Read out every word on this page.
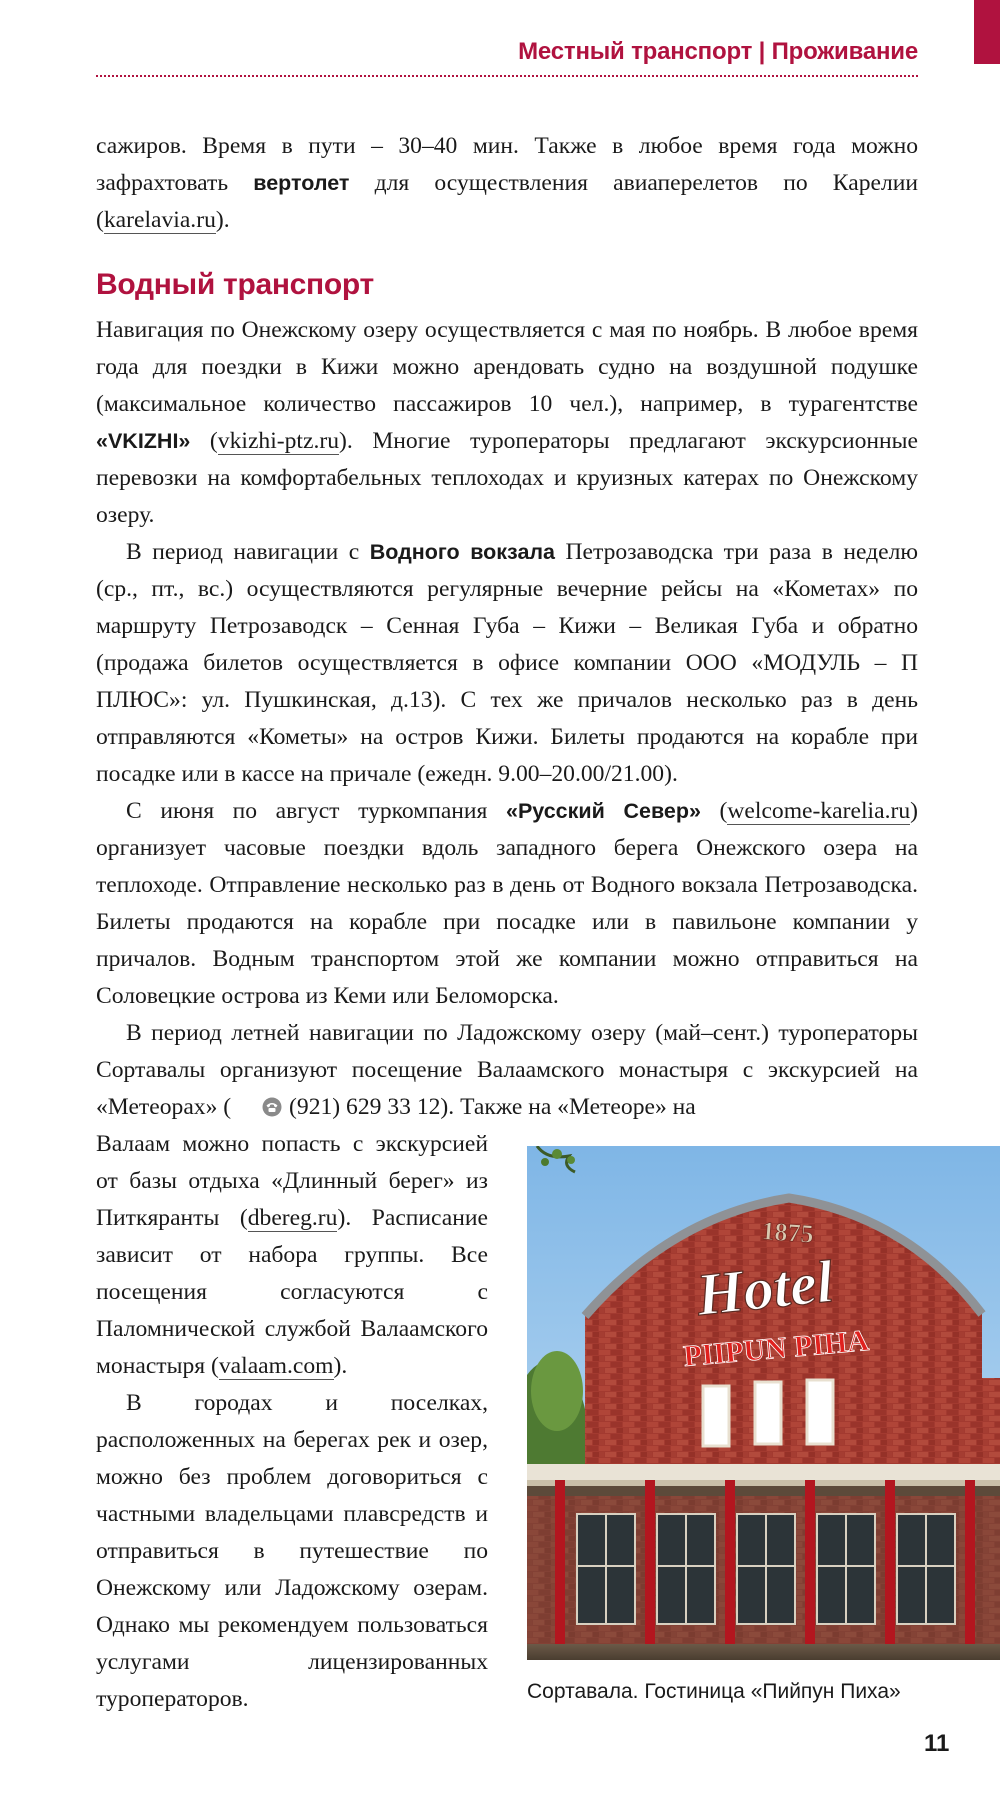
Местный транспорт | Проживание

сажиров. Время в пути – 30–40 мин. Также в любое время года можно зафрахтовать вертолет для осуществления авиаперелетов по Карелии (karelavia.ru).

Водный транспорт

Навигация по Онежскому озеру осуществляется с мая по ноябрь. В любое время года для поездки в Кижи можно арендовать судно на воздушной подушке (максимальное количество пассажиров 10 чел.), например, в турагентстве «VKIZHI» (vkizhi-ptz.ru). Многие туроператоры предлагают экскурсионные перевозки на комфортабельных теплоходах и круизных катерах по Онежскому озеру.

В период навигации с Водного вокзала Петрозаводска три раза в неделю (ср., пт., вс.) осуществляются регулярные вечерние рейсы на «Кометах» по маршруту Петрозаводск – Сенная Губа – Кижи – Великая Губа и обратно (продажа билетов осуществляется в офисе компании ООО «МОДУЛЬ – П ПЛЮС»: ул. Пушкинская, д.13). С тех же причалов несколько раз в день отправляются «Кометы» на остров Кижи. Билеты продаются на корабле при посадке или в кассе на причале (ежедн. 9.00–20.00/21.00).

С июня по август туркомпания «Русский Север» (welcome-karelia.ru) организует часовые поездки вдоль западного берега Онежского озера на теплоходе. Отправление несколько раз в день от Водного вокзала Петрозаводска. Билеты продаются на корабле при посадке или в павильоне компании у причалов. Водным транспортом этой же компании можно отправиться на Соловецкие острова из Кеми или Беломорска.

В период летней навигации по Ладожскому озеру (май–сент.) туроператоры Сортавалы организуют посещение Валаамского монастыря с экскурсией на «Метеорах» ( (921) 629 33 12). Также на «Метеоре» на

Валаам можно попасть с экскурсией от базы отдыха «Длинный берег» из Питкяранты (dbereg.ru). Расписание зависит от набора группы. Все посещения согласуются с Паломнической службой Валаамского монастыря (valaam.com).

В городах и поселках, расположенных на берегах рек и озер, можно без проблем договориться с частными владельцами плавсредств и отправиться в путешествие по Онежскому или Ладожскому озерам. Однако мы рекомендуем пользоваться услугами лицензированных туроператоров.

1875
Hotel
PIIPUN PIHA
Сортавала. Гостиница «Пийпун Пиха»
11
